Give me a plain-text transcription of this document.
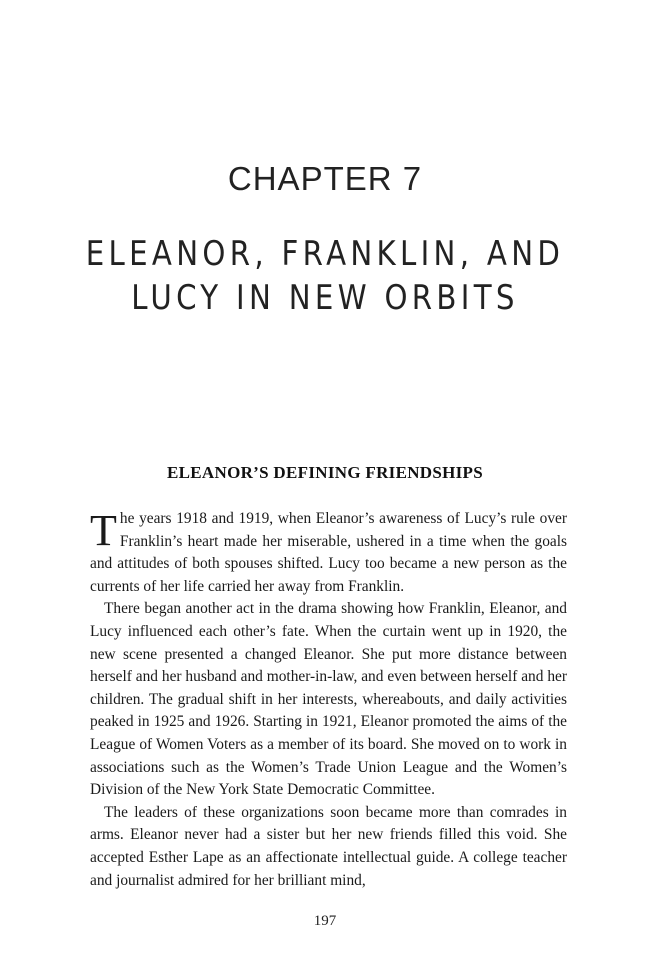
CHAPTER 7
ELEANOR, FRANKLIN, AND
LUCY IN NEW ORBITS
ELEANOR’S DEFINING FRIENDSHIPS

The years 1918 and 1919, when Eleanor’s awareness of Lucy’s rule over Franklin’s heart made her miserable, ushered in a time when the goals and attitudes of both spouses shifted. Lucy too became a new person as the currents of her life carried her away from Franklin.

There began another act in the drama showing how Franklin, Eleanor, and Lucy influenced each other’s fate. When the curtain went up in 1920, the new scene presented a changed Eleanor. She put more distance between herself and her husband and mother-in-law, and even between herself and her children. The gradual shift in her interests, whereabouts, and daily activities peaked in 1925 and 1926. Starting in 1921, Eleanor promoted the aims of the League of Women Voters as a member of its board. She moved on to work in associations such as the Women’s Trade Union League and the Women’s Division of the New York State Democratic Committee.

The leaders of these organizations soon became more than comrades in arms. Eleanor never had a sister but her new friends filled this void. She accepted Esther Lape as an affectionate intellectual guide. A college teacher and journalist admired for her brilliant mind,

197
